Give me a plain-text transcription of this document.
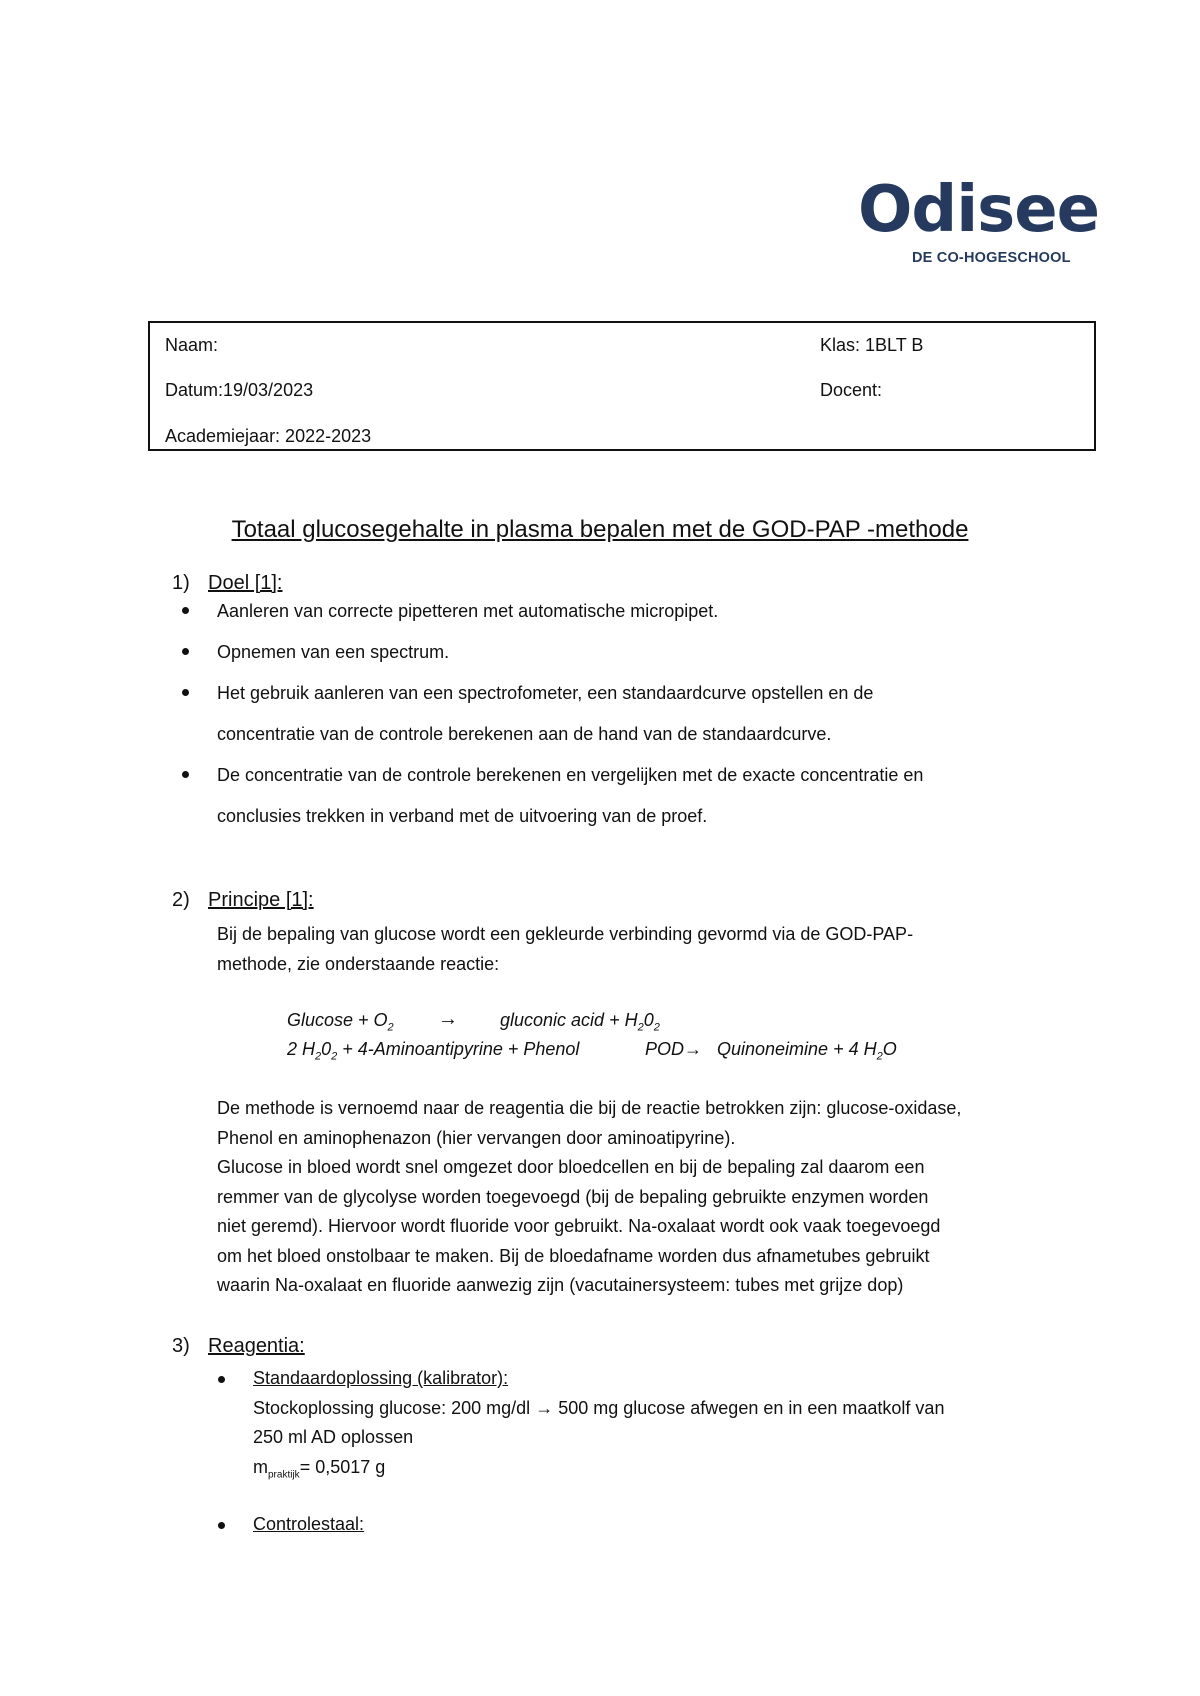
Odisee
DE CO-HOGESCHOOL
Naam:	Klas: 1BLT B
Datum:19/03/2023	Docent:
Academiejaar: 2022-2023
Totaal glucosegehalte in plasma bepalen met de GOD-PAP -methode
1) Doel [1]:
Aanleren van correcte pipetteren met automatische micropipet.
Opnemen van een spectrum.
Het gebruik aanleren van een spectrofometer, een standaardcurve opstellen en de
concentratie van de controle berekenen aan de hand van de standaardcurve.
De concentratie van de controle berekenen en vergelijken met de exacte concentratie en
conclusies trekken in verband met de uitvoering van de proef.
2) Principe [1]:
Bij de bepaling van glucose wordt een gekleurde verbinding gevormd via de GOD-PAP-
methode, zie onderstaande reactie:
$Glucose + O_2$ → gluconic acid + $H_20_2$
2 $H_20_2$ + 4-Aminoantipyrine + Phenol	POD→ Quinoneimine + 4 $H_2O$
De methode is vernoemd naar de reagentia die bij de reactie betrokken zijn: glucose-oxidase,
Phenol en aminophenazon (hier vervangen door aminoatipyrine).
Glucose in bloed wordt snel omgezet door bloedcellen en bij de bepaling zal daarom een
remmer van de glycolyse worden toegevoegd (bij de bepaling gebruikte enzymen worden
niet geremd). Hiervoor wordt fluoride voor gebruikt. Na-oxalaat wordt ook vaak toegevoegd
om het bloed onstolbaar te maken. Bij de bloedafname worden dus afnametubes gebruikt
waarin Na-oxalaat en fluoride aanwezig zijn (vacutainersysteem: tubes met grijze dop)
3) Reagentia:
Standaardoplossing (kalibrator):
Stockoplossing glucose: 200 mg/dl → 500 mg glucose afwegen en in een maatkolf van
250 ml AD oplossen
$m_{praktijk}= 0,5017$ g
Controlestaal:
